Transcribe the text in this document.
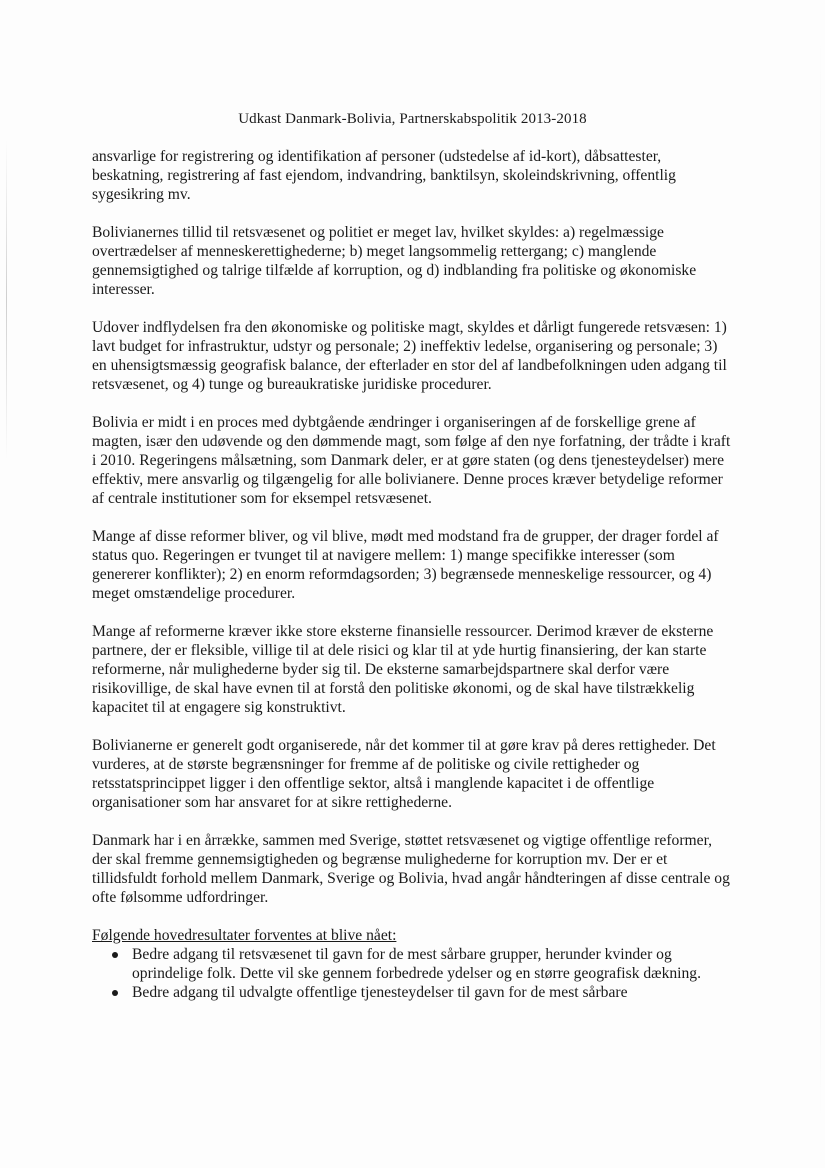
Udkast Danmark-Bolivia, Partnerskabspolitik 2013-2018

ansvarlige for registrering og identifikation af personer (udstedelse af id-kort), dåbsattester, beskatning, registrering af fast ejendom, indvandring, banktilsyn, skoleindskrivning, offentlig sygesikring mv.

Bolivianernes tillid til retsvæsenet og politiet er meget lav, hvilket skyldes: a) regelmæssige overtrædelser af menneskerettighederne; b) meget langsommelig rettergang; c) manglende gennemsigtighed og talrige tilfælde af korruption, og d) indblanding fra politiske og økonomiske interesser.

Udover indflydelsen fra den økonomiske og politiske magt, skyldes et dårligt fungerede retsvæsen: 1) lavt budget for infrastruktur, udstyr og personale; 2) ineffektiv ledelse, organisering og personale; 3) en uhensigtsmæssig geografisk balance, der efterlader en stor del af landbefolkningen uden adgang til retsvæsenet, og 4) tunge og bureaukratiske juridiske procedurer.

Bolivia er midt i en proces med dybtgående ændringer i organiseringen af de forskellige grene af magten, især den udøvende og den dømmende magt, som følge af den nye forfatning, der trådte i kraft i 2010. Regeringens målsætning, som Danmark deler, er at gøre staten (og dens tjenesteydelser) mere effektiv, mere ansvarlig og tilgængelig for alle bolivianere. Denne proces kræver betydelige reformer af centrale institutioner som for eksempel retsvæsenet.

Mange af disse reformer bliver, og vil blive, mødt med modstand fra de grupper, der drager fordel af status quo. Regeringen er tvunget til at navigere mellem: 1) mange specifikke interesser (som genererer konflikter); 2) en enorm reformdagsorden; 3) begrænsede menneskelige ressourcer, og 4) meget omstændelige procedurer.

Mange af reformerne kræver ikke store eksterne finansielle ressourcer. Derimod kræver de eksterne partnere, der er fleksible, villige til at dele risici og klar til at yde hurtig finansiering, der kan starte reformerne, når mulighederne byder sig til. De eksterne samarbejdspartnere skal derfor være risikovillige, de skal have evnen til at forstå den politiske økonomi, og de skal have tilstrækkelig kapacitet til at engagere sig konstruktivt.

Bolivianerne er generelt godt organiserede, når det kommer til at gøre krav på deres rettigheder. Det vurderes, at de største begrænsninger for fremme af de politiske og civile rettigheder og retsstatsprincippet ligger i den offentlige sektor, altså i manglende kapacitet i de offentlige organisationer som har ansvaret for at sikre rettighederne.

Danmark har i en årrække, sammen med Sverige, støttet retsvæsenet og vigtige offentlige reformer, der skal fremme gennemsigtigheden og begrænse mulighederne for korruption mv. Der er et tillidsfuldt forhold mellem Danmark, Sverige og Bolivia, hvad angår håndteringen af disse centrale og ofte følsomme udfordringer.

Følgende hovedresultater forventes at blive nået:

Bedre adgang til retsvæsenet til gavn for de mest sårbare grupper, herunder kvinder og oprindelige folk. Dette vil ske gennem forbedrede ydelser og en større geografisk dækning.
Bedre adgang til udvalgte offentlige tjenesteydelser til gavn for de mest sårbare
